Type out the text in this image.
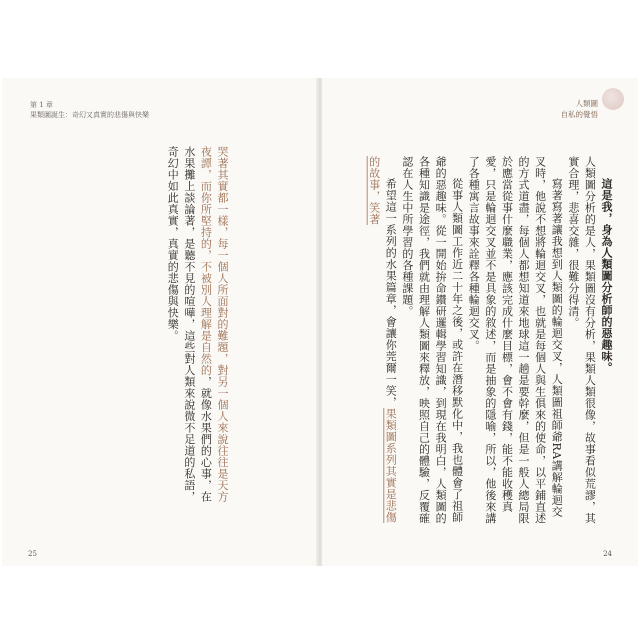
第 1 章
果類圖誕生：奇幻又真實的悲傷與快樂

哭著其實都一樣，每一個人所面對的難題，對另一個人來說往往是天方夜譚，而你所堅持的，不被別人理解是自然的，就像水果們的心事，在水果攤上談論著，是聽不見的喧嘩，這些對人類來說微不足道的私語，奇幻中如此真實，真實的悲傷與快樂。

25
人類圖
自私的覺悟

這是我，身為人類圖分析師的惡趣味。

人類圖分析的是人，果類圖沒有分析，果類人類很像，故事看似荒謬，其實合理，悲喜交雜，很難分得清。

寫著寫著讓我想到人類圖的輪迴交叉，人類圖祖師爺RA講解輪迴交叉時，他說不想將輪迴交叉，也就是每個人與生俱來的使命，以平鋪直述的方式道盡，每個人都想知道來地球這一趟是要幹麼，但是一般人總局限於應當從事什麼職業，應該完成什麼目標，會不會有錢，能不能收穫真愛，只是輪迴交叉並不是具象的敘述，而是抽象的隱喻，所以，他後來講了各種寓言故事來詮釋各種輪迴交叉。

從事人類圖工作近二十年之後，或許在潛移默化中，我也體會了祖師爺的惡趣味。從一開始拚命鑽研邏輯學習知識，到現在我明白，人類圖的各種知識是途徑，我們就由理解人類圖來釋放，映照自己的體驗，反覆確認在人生中所學習的各種課題。

希望這一系列的水果篇章，會讓你莞爾一笑，果類圖系列其實是悲傷的故事，笑著

24
